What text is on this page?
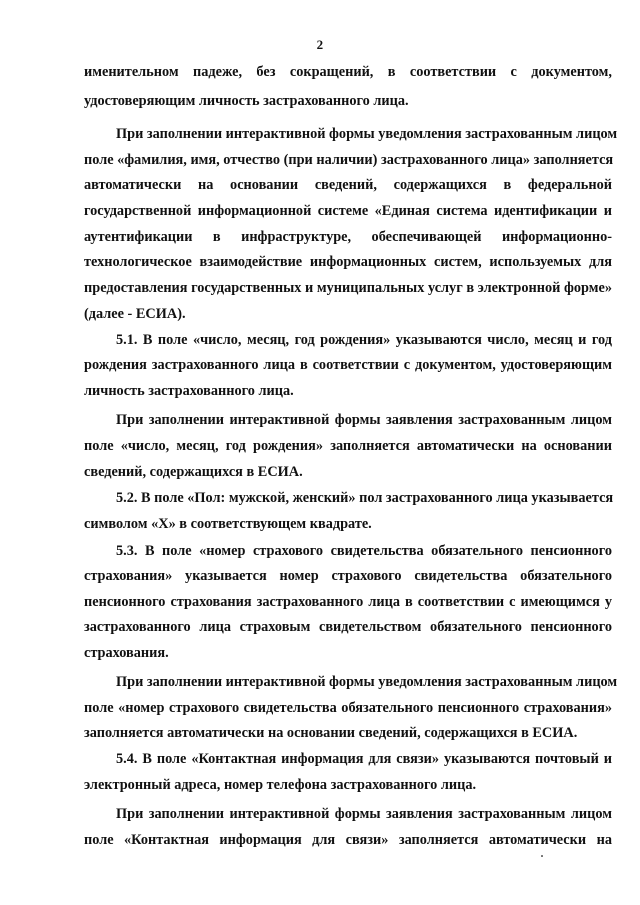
2
именительном падеже, без сокращений, в соответствии с документом,
удостоверяющим личность застрахованного лица.
При заполнении интерактивной формы уведомления застрахованным лицом
поле «фамилия, имя, отчество (при наличии) застрахованного лица» заполняется
автоматически на основании сведений, содержащихся в федеральной
государственной информационной системе «Единая система идентификации и
аутентификации в инфраструктуре, обеспечивающей информационно-
технологическое взаимодействие информационных систем, используемых для
предоставления государственных и муниципальных услуг в электронной форме»
(далее - ЕСИА).
5.1. В поле «число, месяц, год рождения» указываются число, месяц и год
рождения застрахованного лица в соответствии с документом, удостоверяющим
личность застрахованного лица.
При заполнении интерактивной формы заявления застрахованным лицом
поле «число, месяц, год рождения» заполняется автоматически на основании
сведений, содержащихся в ЕСИА.
5.2. В поле «Пол: мужской, женский» пол застрахованного лица указывается
символом «X» в соответствующем квадрате.
5.3. В поле «номер страхового свидетельства обязательного пенсионного
страхования» указывается номер страхового свидетельства обязательного
пенсионного страхования застрахованного лица в соответствии с имеющимся у
застрахованного лица страховым свидетельством обязательного пенсионного
страхования.
При заполнении интерактивной формы уведомления застрахованным лицом
поле «номер страхового свидетельства обязательного пенсионного страхования»
заполняется автоматически на основании сведений, содержащихся в ЕСИА.
5.4. В поле «Контактная информация для связи» указываются почтовый и
электронный адреса, номер телефона застрахованного лица.
При заполнении интерактивной формы заявления застрахованным лицом
поле «Контактная информация для связи» заполняется автоматически на
